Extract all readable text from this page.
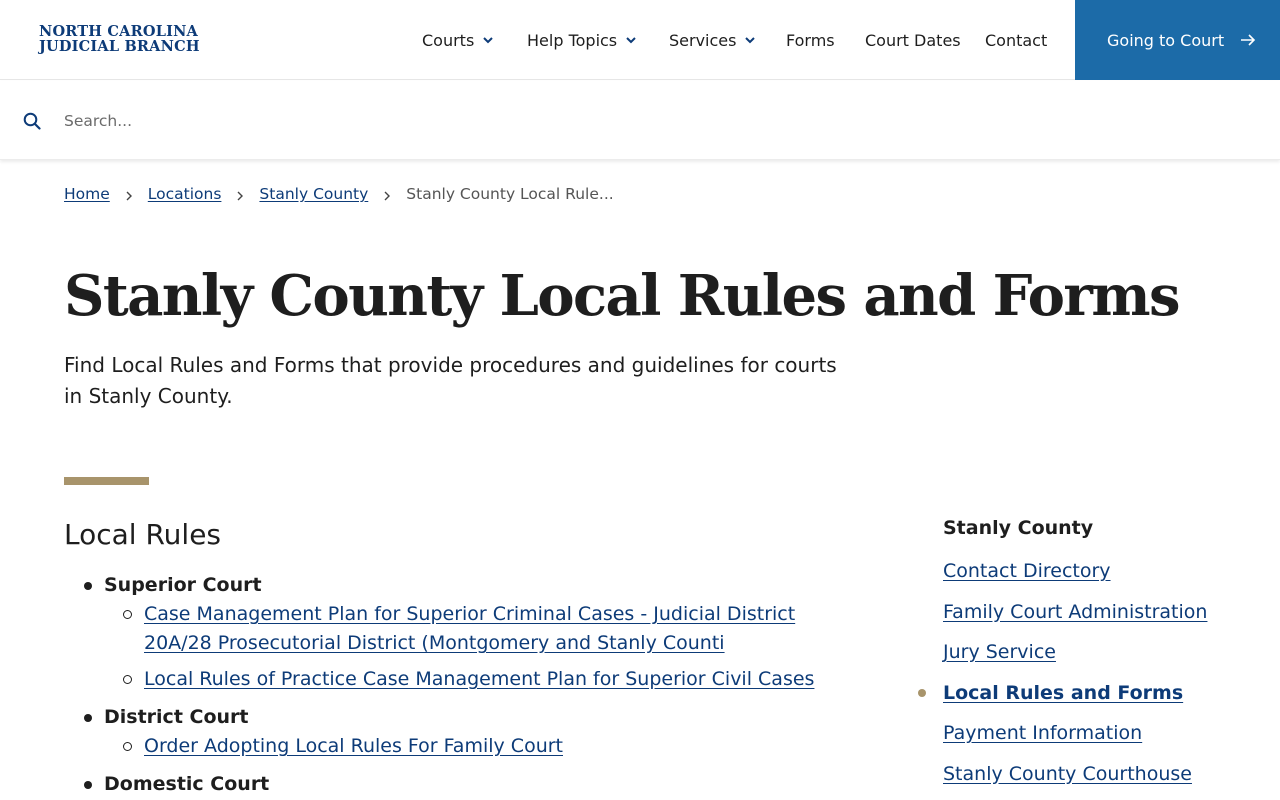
NORTH CAROLINA
JUDICIAL BRANCH	Courts	Help Topics	Services	Forms Court Dates Contact	Going to Court
Search...
Home Locations Stanly County Stanly County Local Rule...
Stanly County Local Rules and Forms

Find Local Rules and Forms that provide procedures and guidelines for courts in Stanly County.

Local Rules
Superior Court
Case Management Plan for Superior Criminal Cases - Judicial District 20A/28 Prosecutorial District (Montgomery and Stanly Counti
Local Rules of Practice Case Management Plan for Superior Civil Cases
District Court
Order Adopting Local Rules For Family Court
Domestic Court
Stanly County
Contact Directory
Family Court Administration
Jury Service
Local Rules and Forms
Payment Information
Stanly County Courthouse
